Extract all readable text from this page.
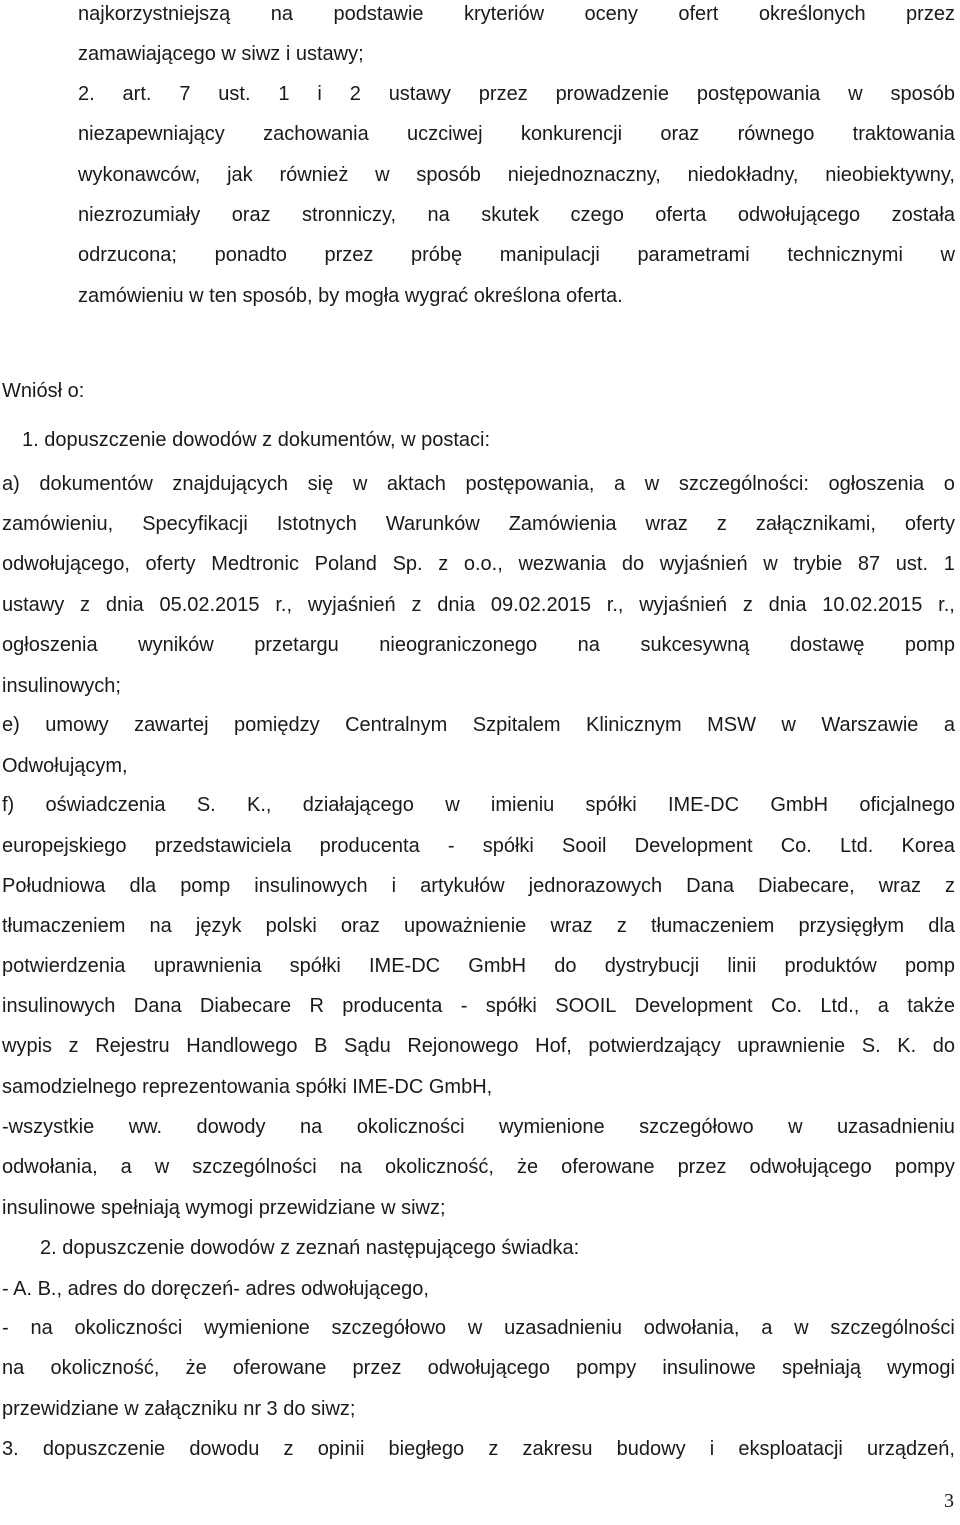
najkorzystniejszą na podstawie kryteriów oceny ofert określonych przez
zamawiającego w siwz i ustawy;
2. art. 7 ust. 1 i 2 ustawy przez prowadzenie postępowania w sposób
niezapewniający zachowania uczciwej konkurencji oraz równego traktowania
wykonawców, jak również w sposób niejednoznaczny, niedokładny, nieobiektywny,
niezrozumiały oraz stronniczy, na skutek czego oferta odwołującego została
odrzucona; ponadto przez próbę manipulacji parametrami technicznymi w
zamówieniu w ten sposób, by mogła wygrać określona oferta.
Wniósł o:
1. dopuszczenie dowodów z dokumentów, w postaci:
a) dokumentów znajdujących się w aktach postępowania, a w szczególności: ogłoszenia o
zamówieniu, Specyfikacji Istotnych Warunków Zamówienia wraz z załącznikami, oferty
odwołującego, oferty Medtronic Poland Sp. z o.o., wezwania do wyjaśnień w trybie 87 ust. 1
ustawy z dnia 05.02.2015 r., wyjaśnień z dnia 09.02.2015 r., wyjaśnień z dnia 10.02.2015 r.,
ogłoszenia wyników przetargu nieograniczonego na sukcesywną dostawę pomp
insulinowych;
e) umowy zawartej pomiędzy Centralnym Szpitalem Klinicznym MSW w Warszawie a
Odwołującym,
f) oświadczenia S. K., działającego w imieniu spółki IME-DC GmbH oficjalnego
europejskiego przedstawiciela producenta - spółki Sooil Development Co. Ltd. Korea
Południowa dla pomp insulinowych i artykułów jednorazowych Dana Diabecare, wraz z
tłumaczeniem na język polski oraz upoważnienie wraz z tłumaczeniem przysięgłym dla
potwierdzenia uprawnienia spółki IME-DC GmbH do dystrybucji linii produktów pomp
insulinowych Dana Diabecare R producenta - spółki SOOIL Development Co. Ltd., a także
wypis z Rejestru Handlowego B Sądu Rejonowego Hof, potwierdzający uprawnienie S. K. do
samodzielnego reprezentowania spółki IME-DC GmbH,
-wszystkie ww. dowody na okoliczności wymienione szczegółowo w uzasadnieniu
odwołania, a w szczególności na okoliczność, że oferowane przez odwołującego pompy
insulinowe spełniają wymogi przewidziane w siwz;
2. dopuszczenie dowodów z zeznań następującego świadka:
- A. B., adres do doręczeń- adres odwołującego,
- na okoliczności wymienione szczegółowo w uzasadnieniu odwołania, a w szczególności
na okoliczność, że oferowane przez odwołującego pompy insulinowe spełniają wymogi
przewidziane w załączniku nr 3 do siwz;
3. dopuszczenie dowodu z opinii biegłego z zakresu budowy i eksploatacji urządzeń,
3
